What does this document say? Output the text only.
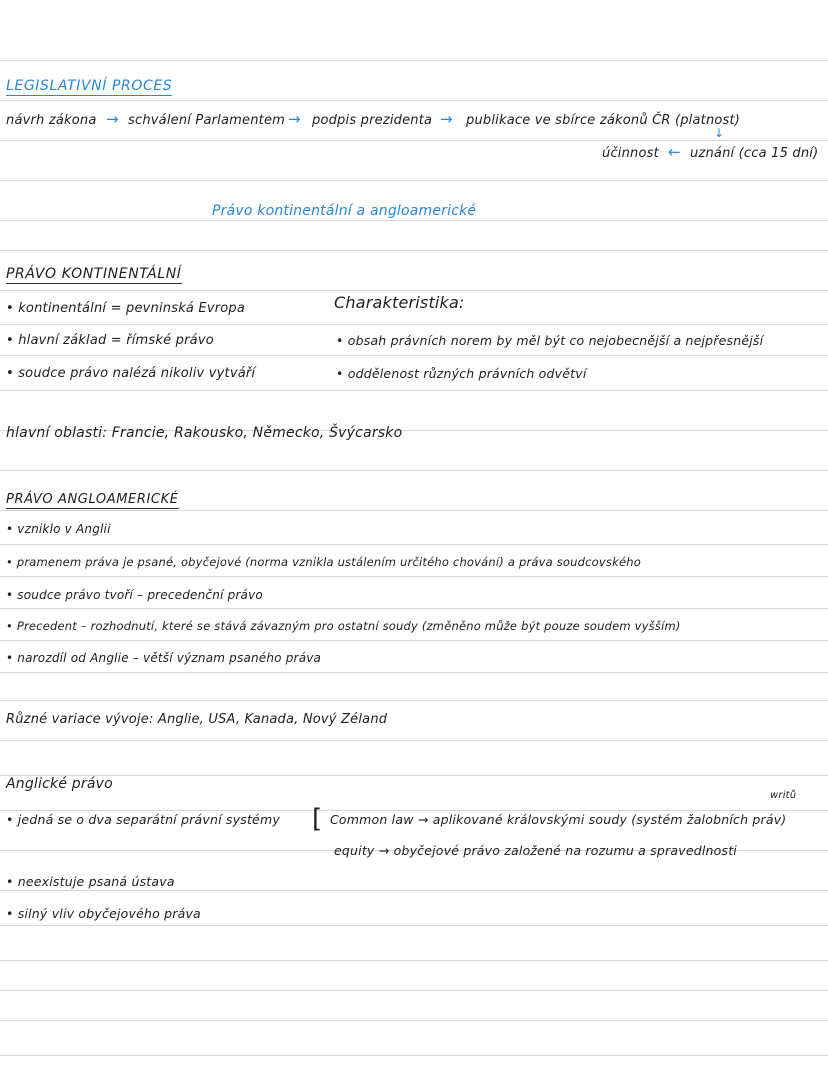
LEGISLATIVNÍ PROCES
návrh zákona → schválení Parlamentem → podpis prezidenta → publikace ve sbírce zákonů ČR (platnost)
↓
účinnost ← uznání (cca 15 dní)
Právo kontinentální a angloamerické
PRÁVO KONTINENTÁLNÍ
• kontinentální = pevninská Evropa
• hlavní základ = římské právo
• soudce právo nalézá nikoliv vytváří
Charakteristika:
• obsah právních norem by měl být co nejobecnější a nejpřesnější
• oddělenost různých právních odvětví
hlavní oblasti: Francie, Rakousko, Německo, Švýcarsko
PRÁVO ANGLOAMERICKÉ
• vzniklo v Anglii
• pramenem práva je psané, obyčejové (norma vznikla ustálením určitého chování) a práva soudcovského
• soudce právo tvoří – precedenční právo
• Precedent – rozhodnutí, které se stává závazným pro ostatní soudy (změněno může být pouze soudem vyšším)
• narozdíl od Anglie – větší význam psaného práva
Různé variace vývoje: Anglie, USA, Kanada, Nový Zéland
Anglické právo
• jedná se o dva separátní právní systémy [ Common law → aplikované královskými soudy (systém žalobních práv)
writů
equity → obyčejové právo založené na rozumu a spravedlnosti
• neexistuje psaná ústava
• silný vliv obyčejového práva
